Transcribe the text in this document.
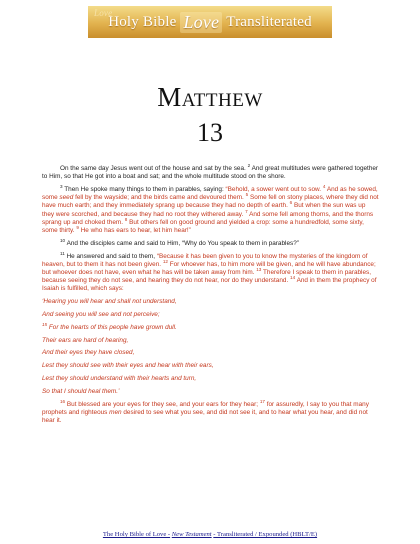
Love
Holy Bible Love Transliterated
Matthew
13

On the same day Jesus went out of the house and sat by the sea. $^2$ And great multitudes were gathered together to Him, so that He got into a boat and sat; and the whole multitude stood on the shore.

$^3$ Then He spoke many things to them in parables, saying: “Behold, a sower went out to sow. $^4$ And as he sowed, some seed fell by the wayside; and the birds came and devoured them. $^5$ Some fell on stony places, where they did not have much earth; and they immediately sprang up because they had no depth of earth. $^6$ But when the sun was up they were scorched, and because they had no root they withered away. $^7$ And some fell among thorns, and the thorns sprang up and choked them. $^8$ But others fell on good ground and yielded a crop: some a hundredfold, some sixty, some thirty. $^9$ He who has ears to hear, let him hear!”

$^{10}$ And the disciples came and said to Him, “Why do You speak to them in parables?”

$^{11}$ He answered and said to them, “Because it has been given to you to know the mysteries of the kingdom of heaven, but to them it has not been given. $^{12}$ For whoever has, to him more will be given, and he will have abundance; but whoever does not have, even what he has will be taken away from him. $^{13}$ Therefore I speak to them in parables, because seeing they do not see, and hearing they do not hear, nor do they understand. $^{14}$ And in them the prophecy of Isaiah is fulfilled, which says:

‘Hearing you will hear and shall not understand,

And seeing you will see and not perceive;

$^{15}$ For the hearts of this people have grown dull.

Their ears are hard of hearing,

And their eyes they have closed,

Lest they should see with their eyes and hear with their ears,

Lest they should understand with their hearts and turn,

So that I should heal them.’

$^{16}$ But blessed are your eyes for they see, and your ears for they hear; $^{17}$ for assuredly, I say to you that many prophets and righteous men desired to see what you see, and did not see it, and to hear what you hear, and did not hear it.

The Holy Bible of Love - New Testament - Transliterated / Expounded (HBLT/E)
